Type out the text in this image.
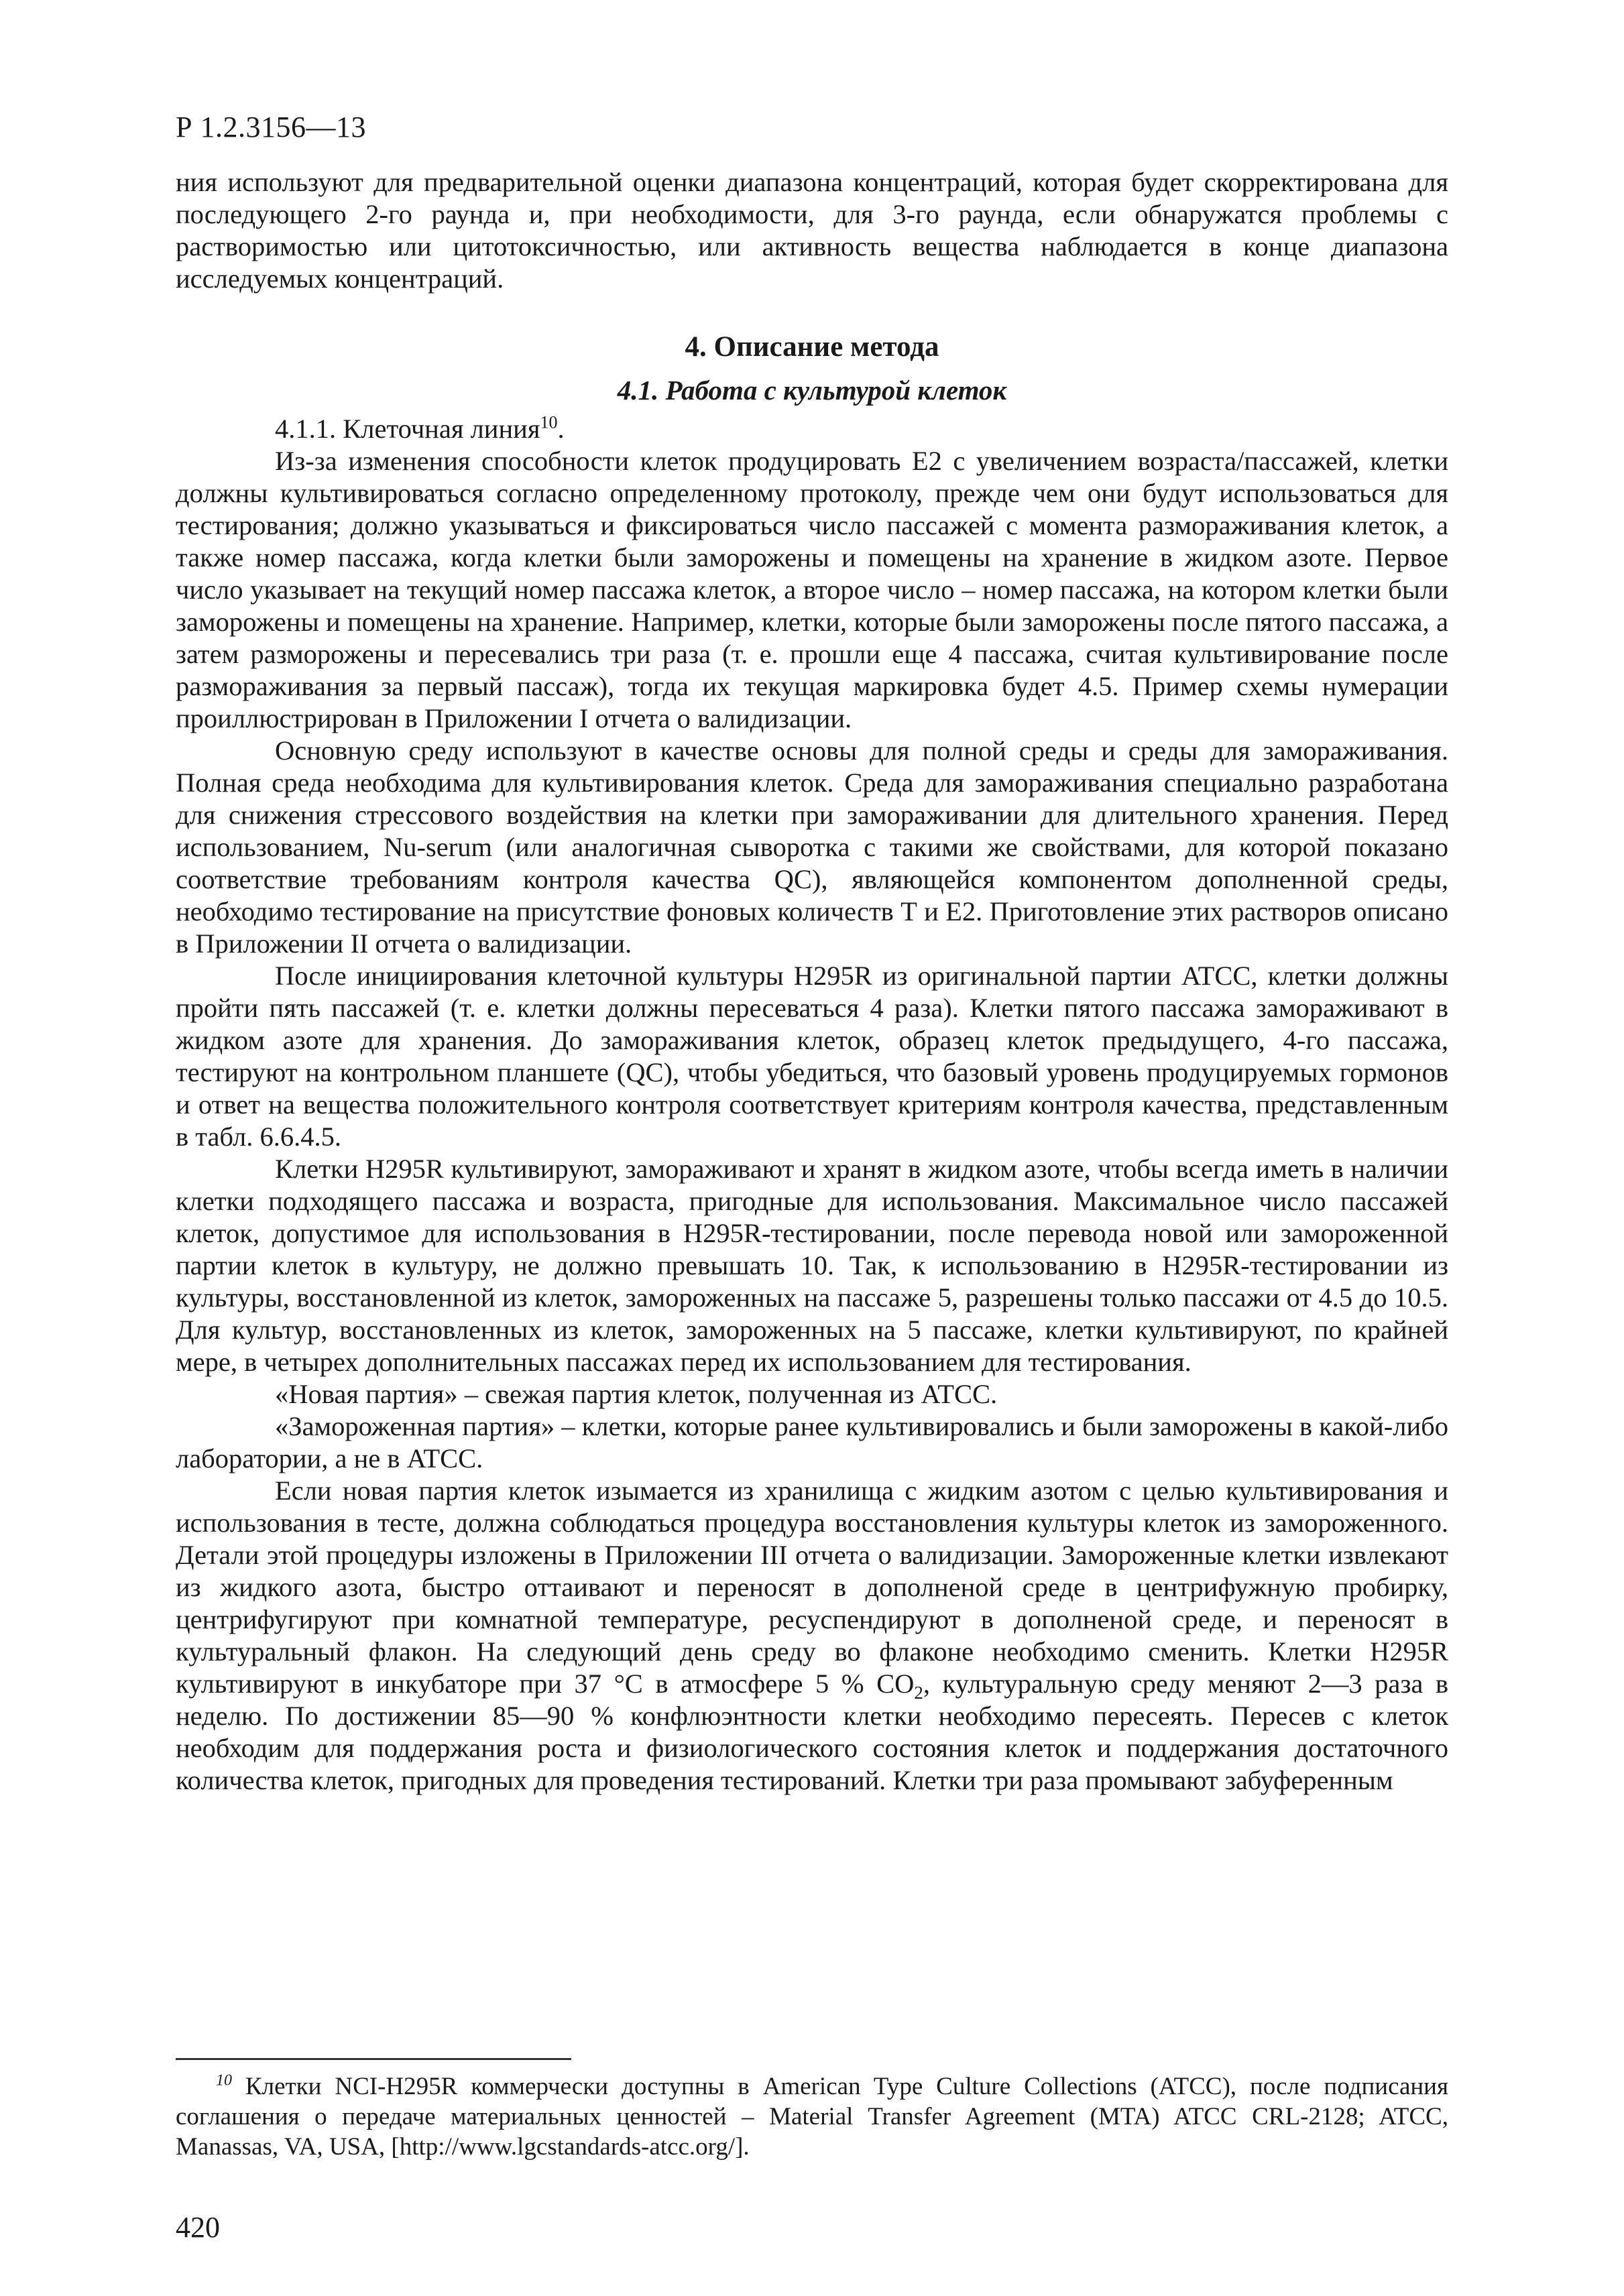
Р 1.2.3156—13

ния используют для предварительной оценки диапазона концентраций, которая будет скорректирована для последующего 2-го раунда и, при необходимости, для 3-го раунда, если обнаружатся проблемы с растворимостью или цитотоксичностью, или активность вещества наблюдается в конце диапазона исследуемых концентраций.

4. Описание метода
4.1. Работа с культурой клеток

4.1.1. Клеточная линия$^{10}$.

Из-за изменения способности клеток продуцировать Е2 с увеличением возраста/пассажей, клетки должны культивироваться согласно определенному протоколу, прежде чем они будут использоваться для тестирования; должно указываться и фиксироваться число пассажей с момента размораживания клеток, а также номер пассажа, когда клетки были заморожены и помещены на хранение в жидком азоте. Первое число указывает на текущий номер пассажа клеток, а второе число – номер пассажа, на котором клетки были заморожены и помещены на хранение. Например, клетки, которые были заморожены после пятого пассажа, а затем разморожены и пересевались три раза (т. е. прошли еще 4 пассажа, считая культивирование после размораживания за первый пассаж), тогда их текущая маркировка будет 4.5. Пример схемы нумерации проиллюстрирован в Приложении I отчета о валидизации.

Основную среду используют в качестве основы для полной среды и среды для замораживания. Полная среда необходима для культивирования клеток. Среда для замораживания специально разработана для снижения стрессового воздействия на клетки при замораживании для длительного хранения. Перед использованием, Nu-serum (или аналогичная сыворотка с такими же свойствами, для которой показано соответствие требованиям контроля качества QC), являющейся компонентом дополненной среды, необходимо тестирование на присутствие фоновых количеств Т и Е2. Приготовление этих растворов описано в Приложении II отчета о валидизации.

После инициирования клеточной культуры H295R из оригинальной партии ATCC, клетки должны пройти пять пассажей (т. е. клетки должны пересеваться 4 раза). Клетки пятого пассажа замораживают в жидком азоте для хранения. До замораживания клеток, образец клеток предыдущего, 4-го пассажа, тестируют на контрольном планшете (QC), чтобы убедиться, что базовый уровень продуцируемых гормонов и ответ на вещества положительного контроля соответствует критериям контроля качества, представленным в табл. 6.6.4.5.

Клетки H295R культивируют, замораживают и хранят в жидком азоте, чтобы всегда иметь в наличии клетки подходящего пассажа и возраста, пригодные для использования. Максимальное число пассажей клеток, допустимое для использования в H295R-тестировании, после перевода новой или замороженной партии клеток в культуру, не должно превышать 10. Так, к использованию в H295R-тестировании из культуры, восстановленной из клеток, замороженных на пассаже 5, разрешены только пассажи от 4.5 до 10.5. Для культур, восстановленных из клеток, замороженных на 5 пассаже, клетки культивируют, по крайней мере, в четырех дополнительных пассажах перед их использованием для тестирования.

«Новая партия» – свежая партия клеток, полученная из ATCC.

«Замороженная партия» – клетки, которые ранее культивировались и были заморожены в какой-либо лаборатории, а не в ATCC.

Если новая партия клеток изымается из хранилища с жидким азотом с целью культивирования и использования в тесте, должна соблюдаться процедура восстановления культуры клеток из замороженного. Детали этой процедуры изложены в Приложении III отчета о валидизации. Замороженные клетки извлекают из жидкого азота, быстро оттаивают и переносят в дополненой среде в центрифужную пробирку, центрифугируют при комнатной температуре, ресуспендируют в дополненой среде, и переносят в культуральный флакон. На следующий день среду во флаконе необходимо сменить. Клетки H295R культивируют в инкубаторе при 37 °С в атмосфере 5 % $СО_2$, культуральную среду меняют 2—3 раза в неделю. По достижении 85—90 % конфлюэнтности клетки необходимо пересеять. Пересев с клеток необходим для поддержания роста и физиологического состояния клеток и поддержания достаточного количества клеток, пригодных для проведения тестирований. Клетки три раза промывают забуференным

$^{10}$ Клетки NCI-H295R коммерчески доступны в American Type Culture Collections (ATCC), после подписания соглашения о передаче материальных ценностей – Material Transfer Agreement (MTA) ATCC CRL-2128; ATCC, Manassas, VA, USA, [http://www.lgcstandards-atcc.org/].
420
